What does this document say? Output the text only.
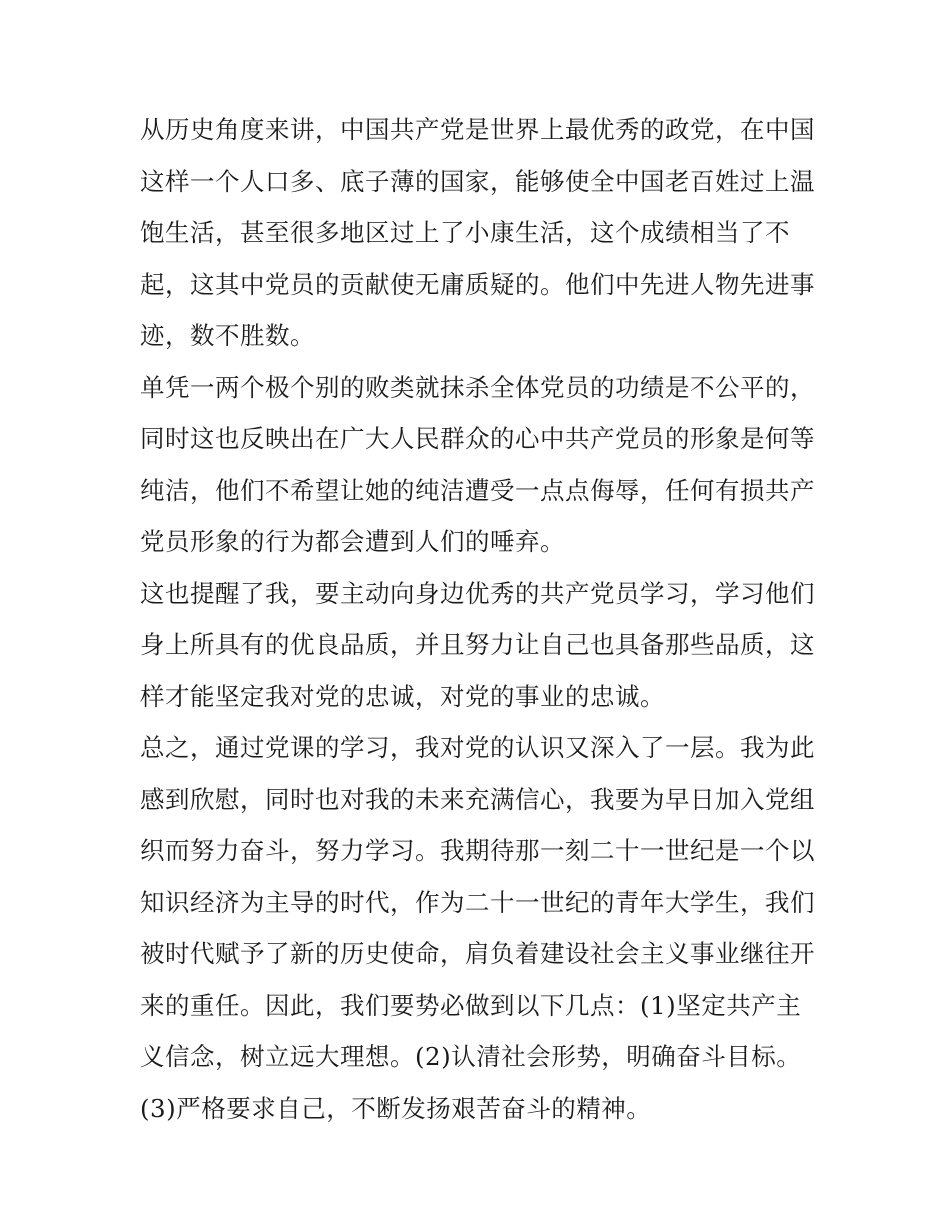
从历史角度来讲，中国共产党是世界上最优秀的政党，在中国
这样一个人口多、底子薄的国家，能够使全中国老百姓过上温
饱生活，甚至很多地区过上了小康生活，这个成绩相当了不
起，这其中党员的贡献使无庸质疑的。他们中先进人物先进事
迹，数不胜数。
单凭一两个极个别的败类就抹杀全体党员的功绩是不公平的，
同时这也反映出在广大人民群众的心中共产党员的形象是何等
纯洁，他们不希望让她的纯洁遭受一点点侮辱，任何有损共产
党员形象的行为都会遭到人们的唾弃。
这也提醒了我，要主动向身边优秀的共产党员学习，学习他们
身上所具有的优良品质，并且努力让自己也具备那些品质，这
样才能坚定我对党的忠诚，对党的事业的忠诚。
总之，通过党课的学习，我对党的认识又深入了一层。我为此
感到欣慰，同时也对我的未来充满信心，我要为早日加入党组
织而努力奋斗，努力学习。我期待那一刻二十一世纪是一个以
知识经济为主导的时代，作为二十一世纪的青年大学生，我们
被时代赋予了新的历史使命，肩负着建设社会主义事业继往开
来的重任。因此，我们要势必做到以下几点：(1)坚定共产主
义信念，树立远大理想。(2)认清社会形势，明确奋斗目标。
(3)严格要求自己，不断发扬艰苦奋斗的精神。
